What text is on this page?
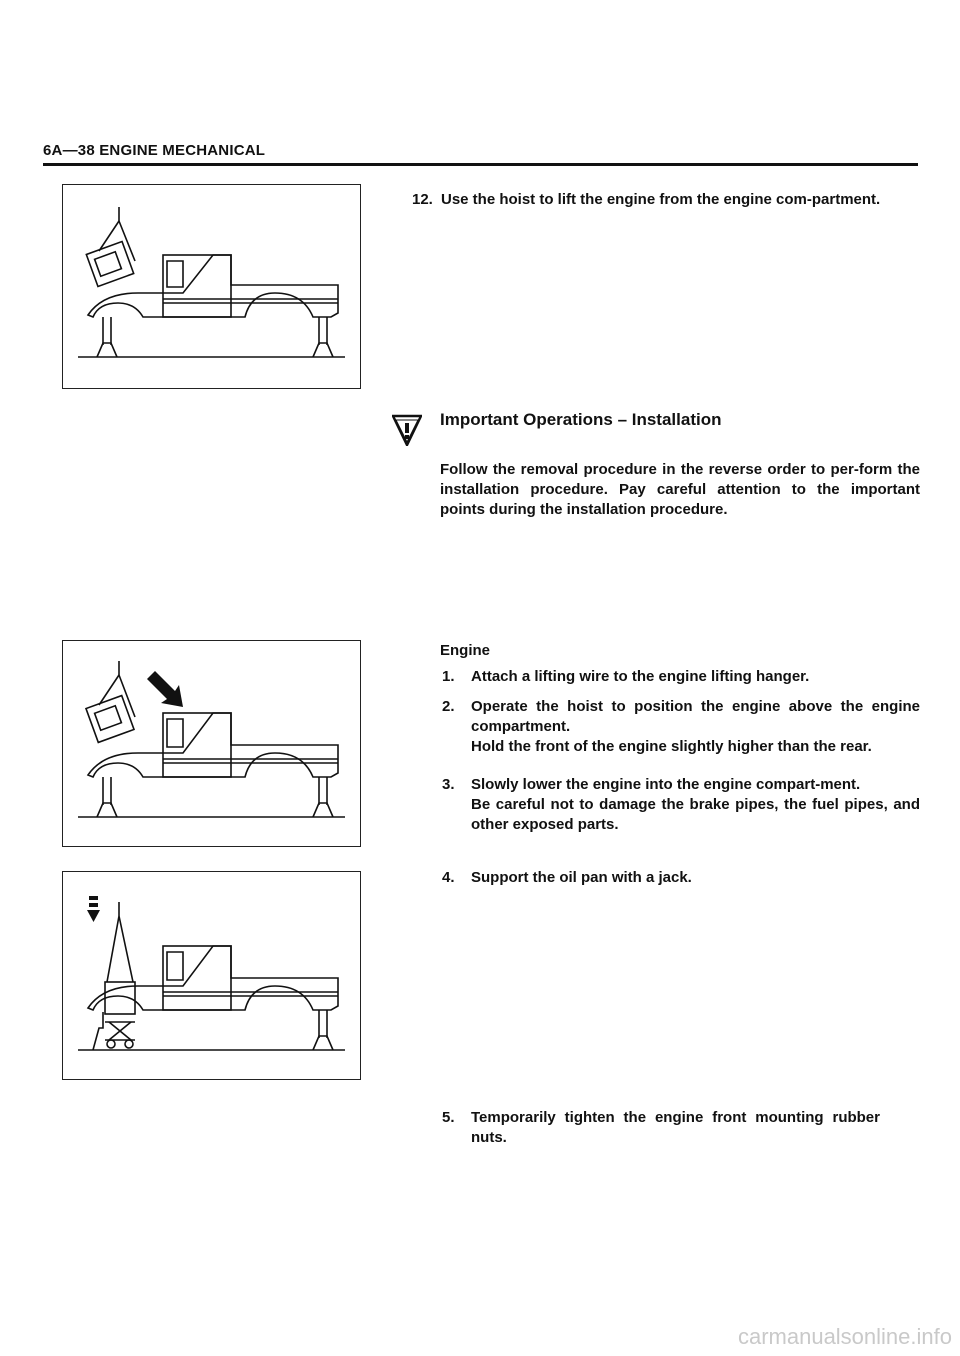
6A—38 ENGINE MECHANICAL
12. Use the hoist to lift the engine from the engine com-partment.
Important Operations – Installation
Follow the removal procedure in the reverse order to per-form the installation procedure. Pay careful attention to the important points during the installation procedure.
Engine
1.	Attach a lifting wire to the engine lifting hanger.
2.	Operate the hoist to position the engine above the engine compartment.
Hold the front of the engine slightly higher than the rear.
3.	Slowly lower the engine into the engine compart-ment.
Be careful not to damage the brake pipes, the fuel pipes, and other exposed parts.
4.	Support the oil pan with a jack.
5.	Temporarily tighten the engine front mounting rubber nuts.
carmanualsonline.info
